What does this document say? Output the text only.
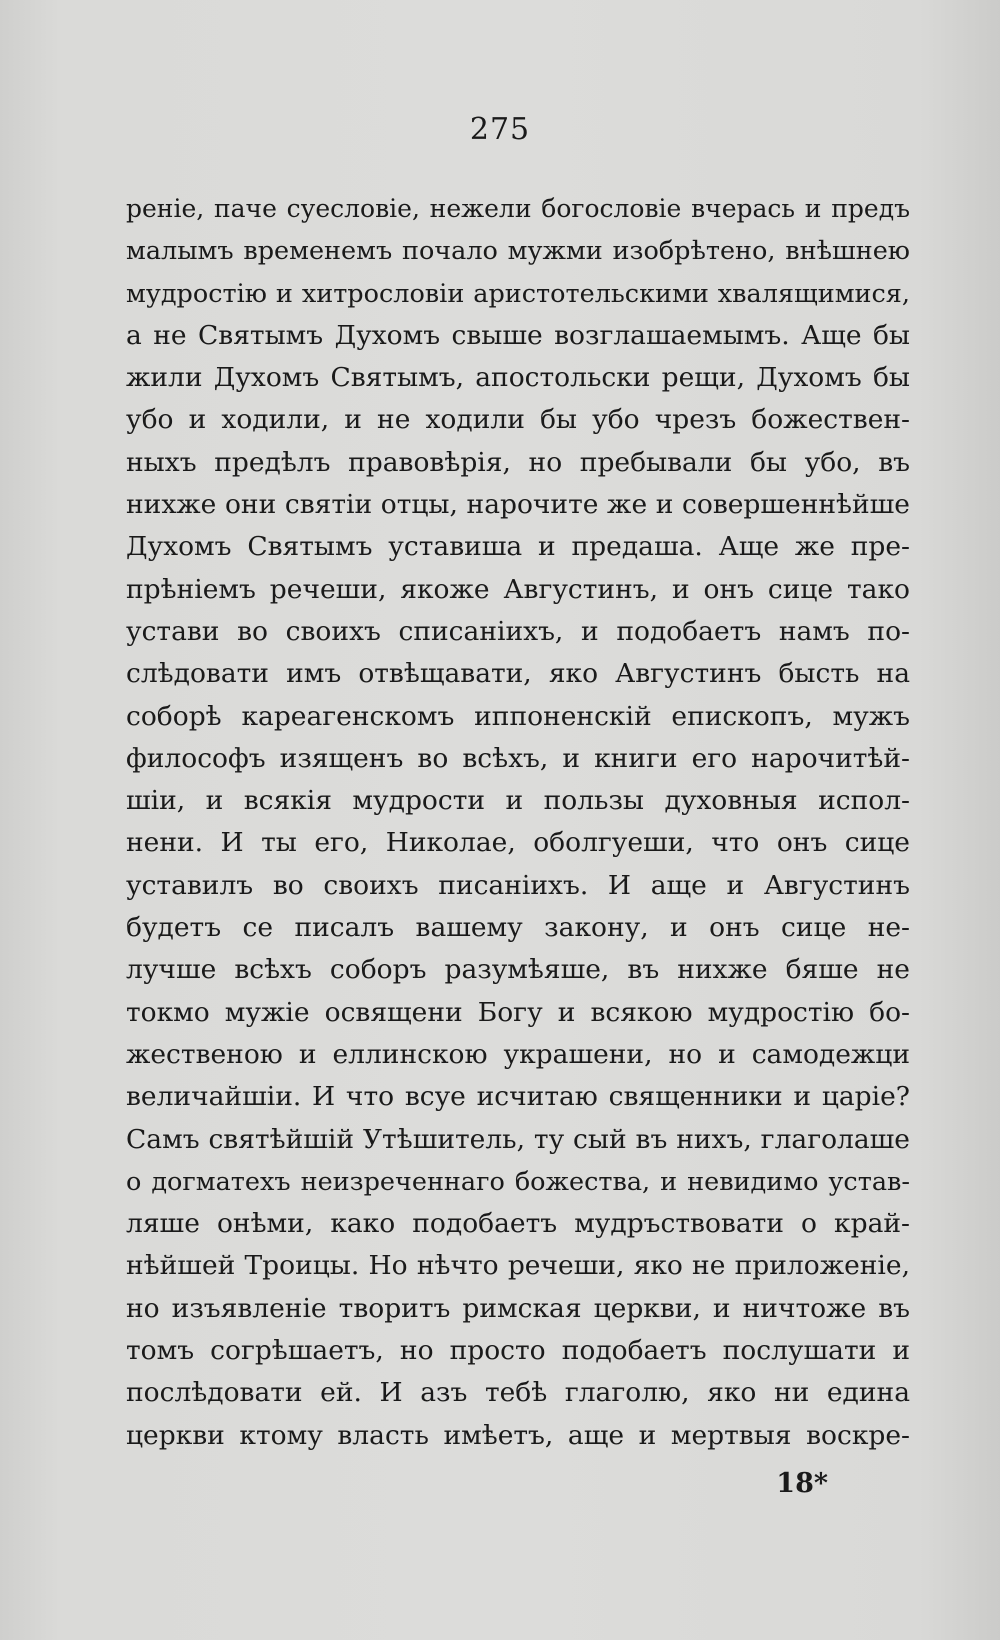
275
реніе, паче суесловіе, нежели богословіе вчерась и предъ
малымъ временемъ почало мужми изобрѣтено, внѣшнею
мудростію и хитрословіи аристотельскими хвалящимися,
а не Святымъ Духомъ свыше возглашаемымъ. Аще бы
жили Духомъ Святымъ, апостольски рещи, Духомъ бы
убо и ходили, и не ходили бы убо чрезъ божествен-
ныхъ предѣлъ правовѣрія, но пребывали бы убо, въ
нихже они святіи отцы, нарочите же и совершеннѣйше
Духомъ Святымъ уставиша и предаша. Аще же пре-
прѣніемъ речеши, якоже Августинъ, и онъ сице тако
устави во своихъ списаніихъ, и подобаетъ намъ по-
слѣдовати имъ отвѣщавати, яко Августинъ бысть на
соборѣ кареагенскомъ иппоненскій епископъ, мужъ
философъ изященъ во всѣхъ, и книги его нарочитѣй-
шіи, и всякія мудрости и пользы духовныя испол-
нени. И ты его, Николае, оболгуеши, что онъ сице
уставилъ во своихъ писаніихъ. И аще и Августинъ
будетъ се писалъ вашему закону, и онъ сице не-
лучше всѣхъ соборъ разумѣяше, въ нихже бяше не
токмо мужіе освящени Богу и всякою мудростію бо-
жественою и еллинскою украшени, но и самодежци
величайшіи. И что всуе исчитаю священники и царіе?
Самъ святѣйшій Утѣшитель, ту сый въ нихъ, глаголаше
о догматехъ неизреченнаго божества, и невидимо устав-
ляше онѣми, како подобаетъ мудръствовати о край-
нѣйшей Троицы. Но нѣчто речеши, яко не приложеніе,
но изъявленіе творитъ римская церкви, и ничтоже въ
томъ согрѣшаетъ, но просто подобаетъ послушати и
послѣдовати ей. И азъ тебѣ глаголю, яко ни едина
церкви ктому власть имѣетъ, аще и мертвыя воскре-
18*
